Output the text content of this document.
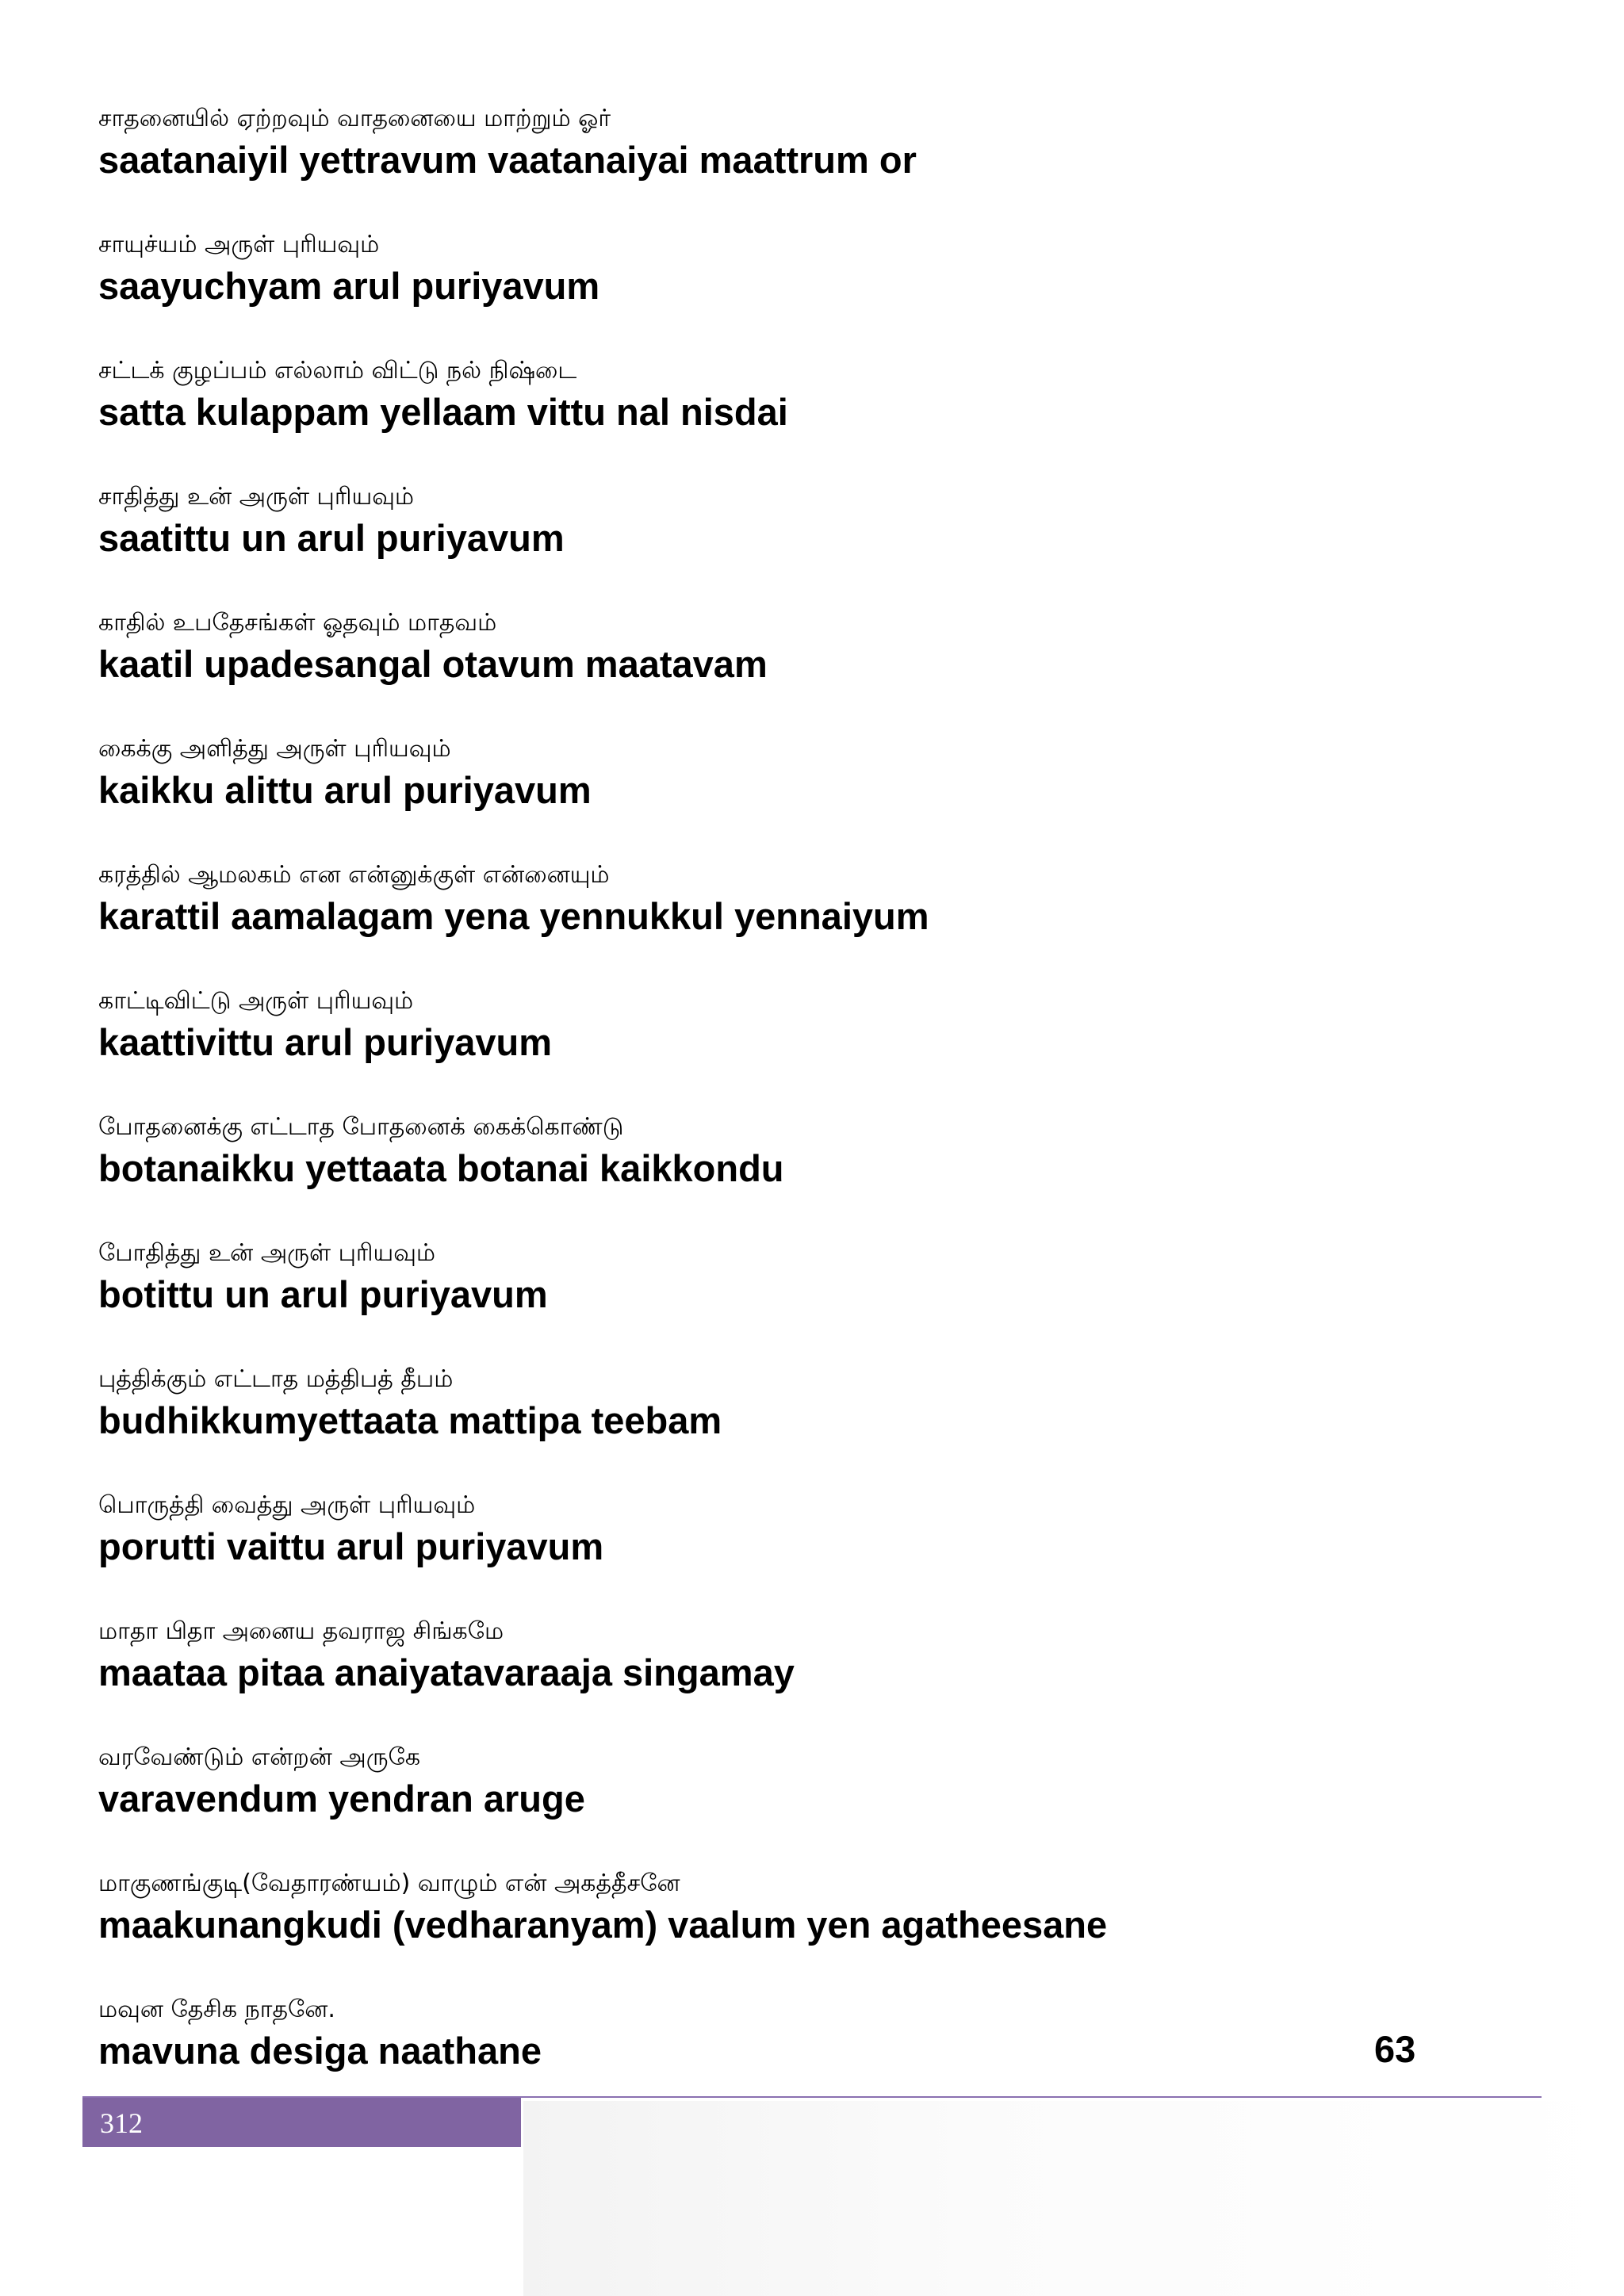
சாதனையில் ஏற்றவும் வாதனையை மாற்றும் ஓர்
saatanaiyil yettravum vaatanaiyai maattrum or
சாயுச்யம் அருள் புரியவும்
saayuchyam arul puriyavum
சட்டக் குழப்பம் எல்லாம் விட்டு நல் நிஷ்டை
satta kulappam yellaam vittu nal nisdai
சாதித்து உன் அருள் புரியவும்
saatittu un arul puriyavum
காதில் உபதேசங்கள் ஓதவும் மாதவம்
kaatil upadesangal otavum maatavam
கைக்கு அளித்து அருள் புரியவும்
kaikku alittu arul puriyavum
கரத்தில் ஆமலகம் என என்னுக்குள் என்னையும்
karattil aamalagam yena yennukkul yennaiyum
காட்டிவிட்டு அருள் புரியவும்
kaattivittu arul puriyavum
போதனைக்கு எட்டாத போதனைக் கைக்கொண்டு
botanaikku yettaata botanai kaikkondu
போதித்து உன் அருள் புரியவும்
botittu un arul puriyavum
புத்திக்கும் எட்டாத மத்திபத் தீபம்
budhikkumyettaata mattipa teebam
பொருத்தி வைத்து அருள் புரியவும்
porutti vaittu arul puriyavum
மாதா பிதா அனைய தவராஜ சிங்கமே
maataa pitaa anaiyatavaraaja singamay
வரவேண்டும் என்றன் அருகே
varavendum yendran aruge
மாகுணங்குடி(வேதாரண்யம்) வாழும் என் அகத்தீசனே
maakunangkudi (vedharanyam) vaalum yen agatheesane
மவுன தேசிக நாதனே.
mavuna desiga naathane	63
312
